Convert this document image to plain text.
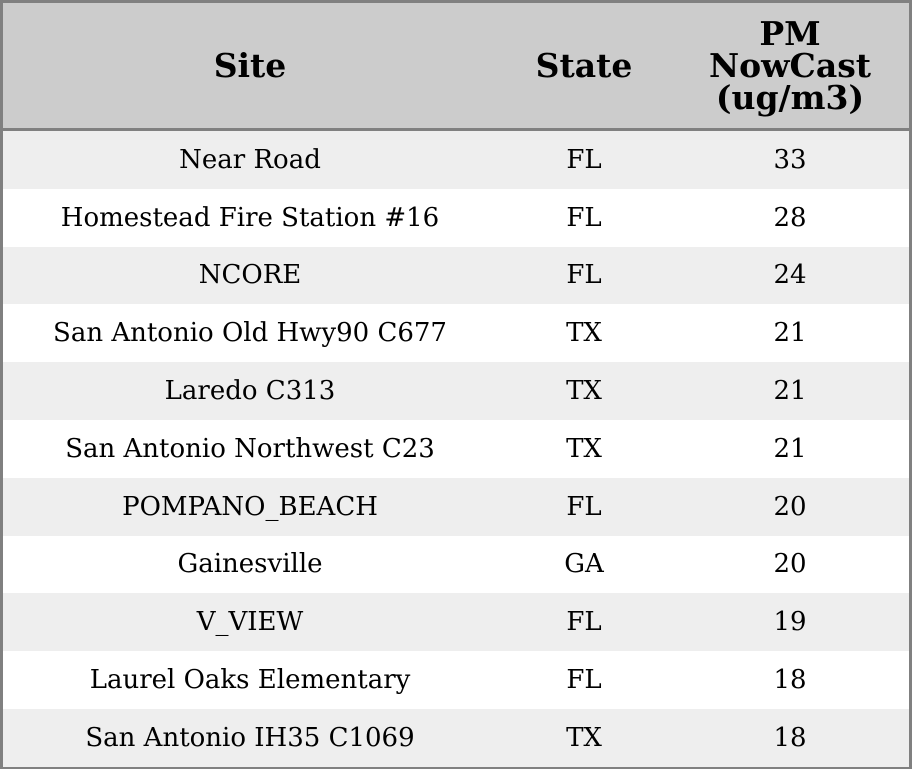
Site	State	PM
NowCast
(ug/m3)

Near Road	FL	33
Homestead Fire Station #16	FL	28
NCORE	FL	24
San Antonio Old Hwy90 C677	TX	21
Laredo C313	TX	21
San Antonio Northwest C23	TX	21
POMPANO_BEACH	FL	20
Gainesville	GA	20
V_VIEW	FL	19
Laurel Oaks Elementary	FL	18
San Antonio IH35 C1069	TX	18
